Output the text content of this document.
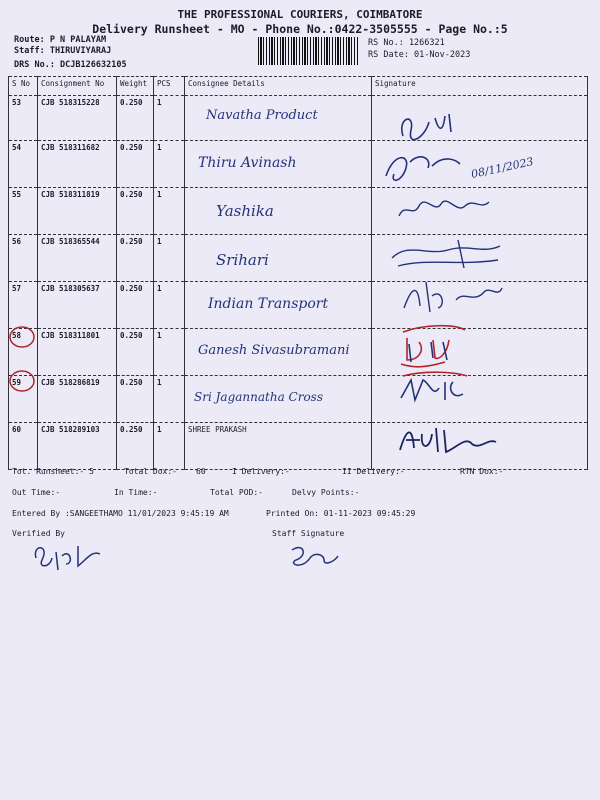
THE PROFESSIONAL COURIERS, COIMBATORE
Delivery Runsheet - MO - Phone No.:0422-3505555 - Page No.:5
Route: P N PALAYAM
Staff: THIRUVIYARAJ
DRS No.: DCJB126632105
RS No.: 1266321
RS Date: 01-Nov-2023
S No	Consignment No	Weight	PCS	Consignee Details	Signature
53	CJB 518315228	0.250	1	Navatha Product	
54	CJB 518311682	0.250	1	Thiru Avinash	
55	CJB 518311819	0.250	1	Yashika	
56	CJB 518365544	0.250	1	Srihari	
57	CJB 518305637	0.250	1	Indian Transport	
58	CJB 518311801	0.250	1	Ganesh Sivasubramani	
59	CJB 518286819	0.250	1	Sri Jagannatha Cross	
60	CJB 518289103	0.250	1	SHREE PRAKASH	
08/11/2023
Tot. Runsheet:- 5	Total Dox:- 60	I Delivery:-	II Delivery:-	RTN Dox:-
Out Time:-	In Time:-	Total POD:-	Delvy Points:-
Entered By :SANGEETHAMO 11/01/2023 9:45:19 AM	Printed On: 01-11-2023 09:45:29
Verified By	Staff Signature
